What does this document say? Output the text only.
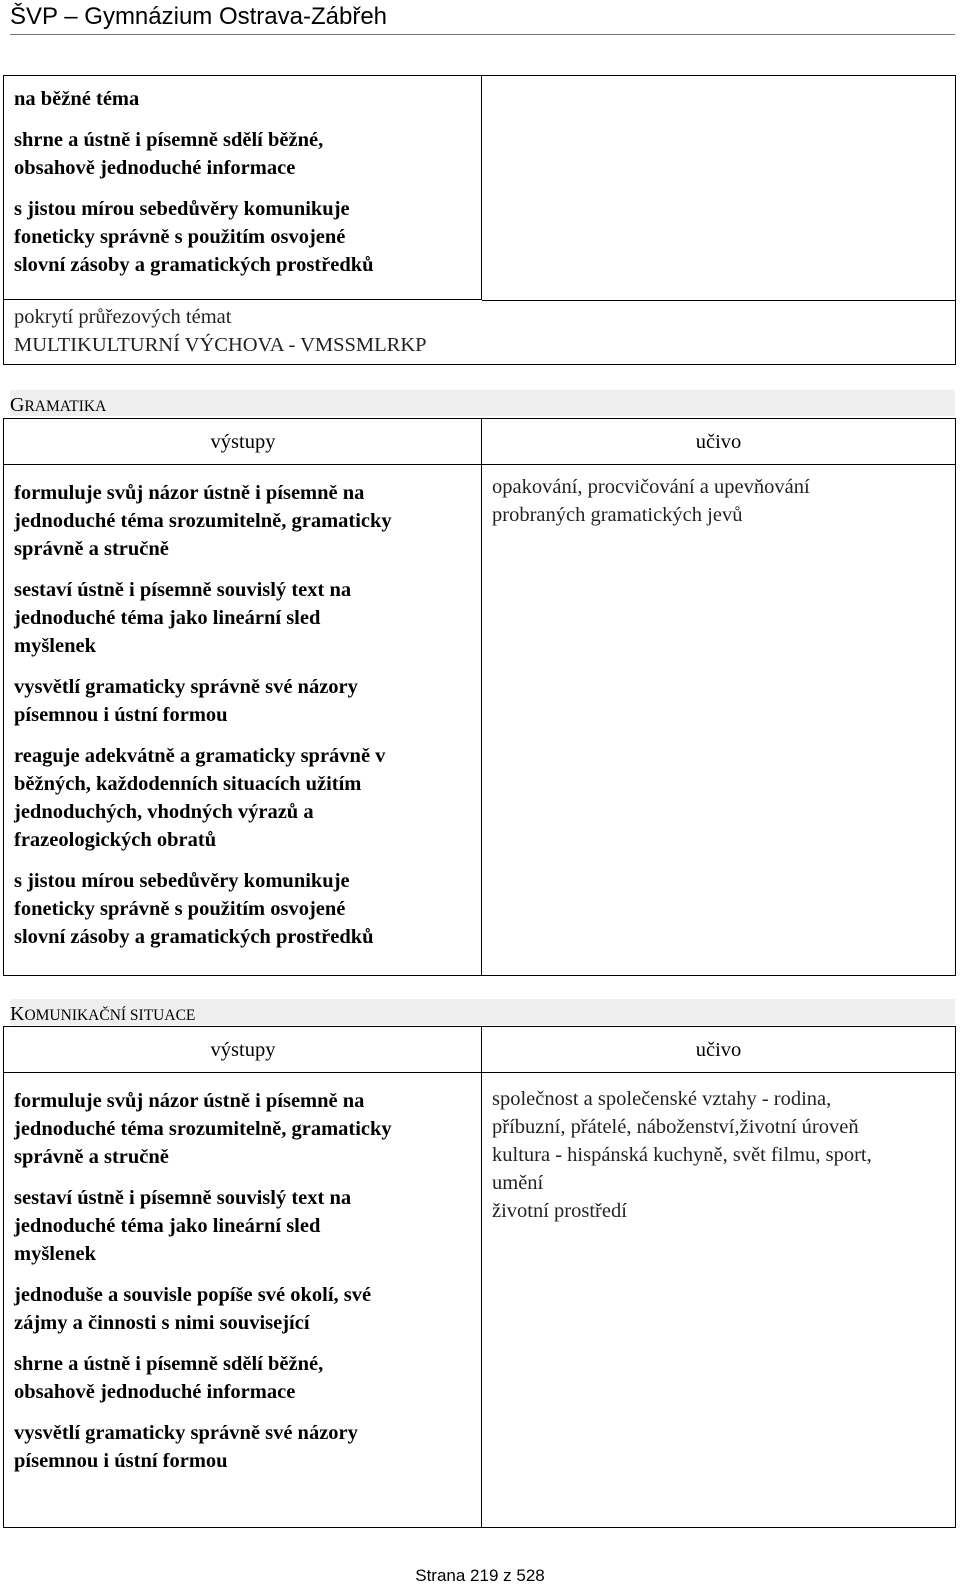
ŠVP – Gymnázium Ostrava-Zábřeh

na běžné téma

shrne a ústně i písemně sdělí běžné,
obsahově jednoduché informace

s jistou mírou sebedůvěry komunikuje
foneticky správně s použitím osvojené
slovní zásoby a gramatických prostředků

pokrytí průřezových témat
MULTIKULTURNÍ VÝCHOVA - VMSSMLRKP
GRAMATIKA
výstupy	učivo

formuluje svůj názor ústně i písemně na
jednoduché téma srozumitelně, gramaticky
správně a stručně

sestaví ústně i písemně souvislý text na
jednoduché téma jako lineární sled
myšlenek

vysvětlí gramaticky správně své názory
písemnou i ústní formou

reaguje adekvátně a gramaticky správně v
běžných, každodenních situacích užitím
jednoduchých, vhodných výrazů a
frazeologických obratů

s jistou mírou sebedůvěry komunikuje
foneticky správně s použitím osvojené
slovní zásoby a gramatických prostředků

opakování, procvičování a upevňování
probraných gramatických jevů

KOMUNIKAČNÍ SITUACE
výstupy	učivo

formuluje svůj názor ústně i písemně na
jednoduché téma srozumitelně, gramaticky
správně a stručně

sestaví ústně i písemně souvislý text na
jednoduché téma jako lineární sled
myšlenek

jednoduše a souvisle popíše své okolí, své
zájmy a činnosti s nimi související

shrne a ústně i písemně sdělí běžné,
obsahově jednoduché informace

vysvětlí gramaticky správně své názory
písemnou i ústní formou

společnost a společenské vztahy - rodina,
příbuzní, přátelé, náboženství,životní úroveň

kultura - hispánská kuchyně, svět filmu, sport,
umění

životní prostředí

Strana 219 z 528
